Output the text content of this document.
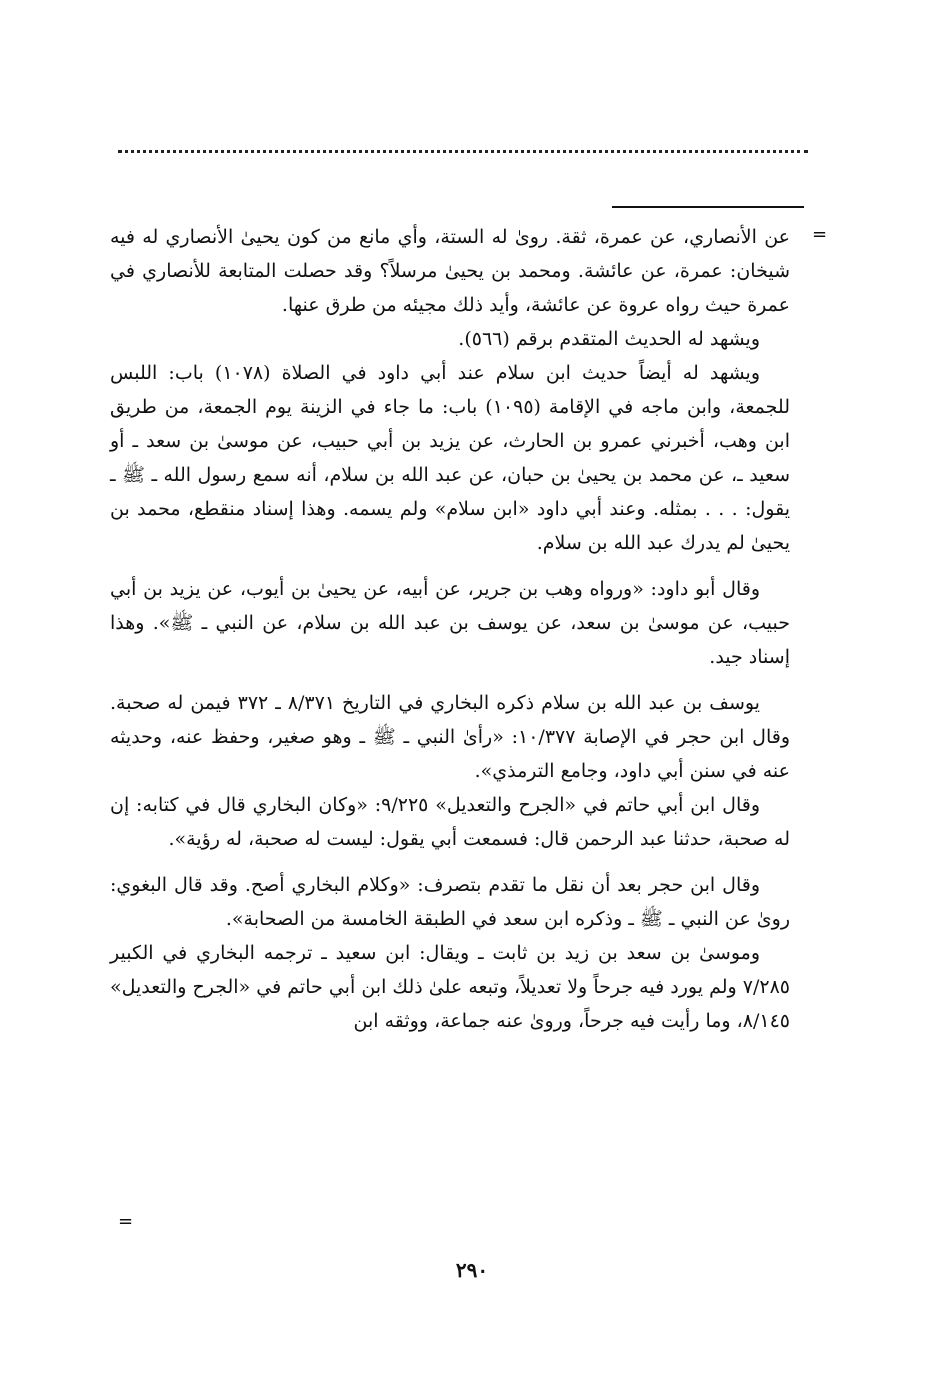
=

عن الأنصاري، عن عمرة، ثقة. روىٰ له الستة، وأي مانع من كون يحيىٰ الأنصاري له فيه شيخان: عمرة، عن عائشة. ومحمد بن يحيىٰ مرسلاً؟ وقد حصلت المتابعة للأنصاري في عمرة حيث رواه عروة عن عائشة، وأيد ذلك مجيئه من طرق عنها.

ويشهد له الحديث المتقدم برقم (٥٦٦).

ويشهد له أيضاً حديث ابن سلام عند أبي داود في الصلاة (١٠٧٨) باب: اللبس للجمعة، وابن ماجه في الإقامة (١٠٩٥) باب: ما جاء في الزينة يوم الجمعة، من طريق ابن وهب، أخبرني عمرو بن الحارث، عن يزيد بن أبي حبيب، عن موسىٰ بن سعد ـ أو سعيد ـ، عن محمد بن يحيىٰ بن حبان، عن عبد الله بن سلام، أنه سمع رسول الله ـ ﷺ ـ يقول: . . . بمثله. وعند أبي داود «ابن سلام» ولم يسمه. وهذا إسناد منقطع، محمد بن يحيىٰ لم يدرك عبد الله بن سلام.

وقال أبو داود: «ورواه وهب بن جرير، عن أبيه، عن يحيىٰ بن أيوب، عن يزيد بن أبي حبيب، عن موسىٰ بن سعد، عن يوسف بن عبد الله بن سلام، عن النبي ـ ﷺ». وهذا إسناد جيد.

يوسف بن عبد الله بن سلام ذكره البخاري في التاريخ ٨/٣٧١ ـ ٣٧٢ فيمن له صحبة. وقال ابن حجر في الإصابة ١٠/٣٧٧: «رأىٰ النبي ـ ﷺ ـ وهو صغير، وحفظ عنه، وحديثه عنه في سنن أبي داود، وجامع الترمذي».

وقال ابن أبي حاتم في «الجرح والتعديل» ٩/٢٢٥: «وكان البخاري قال في كتابه: إن له صحبة، حدثنا عبد الرحمن قال: فسمعت أبي يقول: ليست له صحبة، له رؤية».

وقال ابن حجر بعد أن نقل ما تقدم بتصرف: «وكلام البخاري أصح. وقد قال البغوي: روىٰ عن النبي ـ ﷺ ـ وذكره ابن سعد في الطبقة الخامسة من الصحابة».

وموسىٰ بن سعد بن زيد بن ثابت ـ ويقال: ابن سعيد ـ ترجمه البخاري في الكبير ٧/٢٨٥ ولم يورد فيه جرحاً ولا تعديلاً، وتبعه علىٰ ذلك ابن أبي حاتم في «الجرح والتعديل» ٨/١٤٥، وما رأيت فيه جرحاً، وروىٰ عنه جماعة، ووثقه ابن

=
٢٩٠
